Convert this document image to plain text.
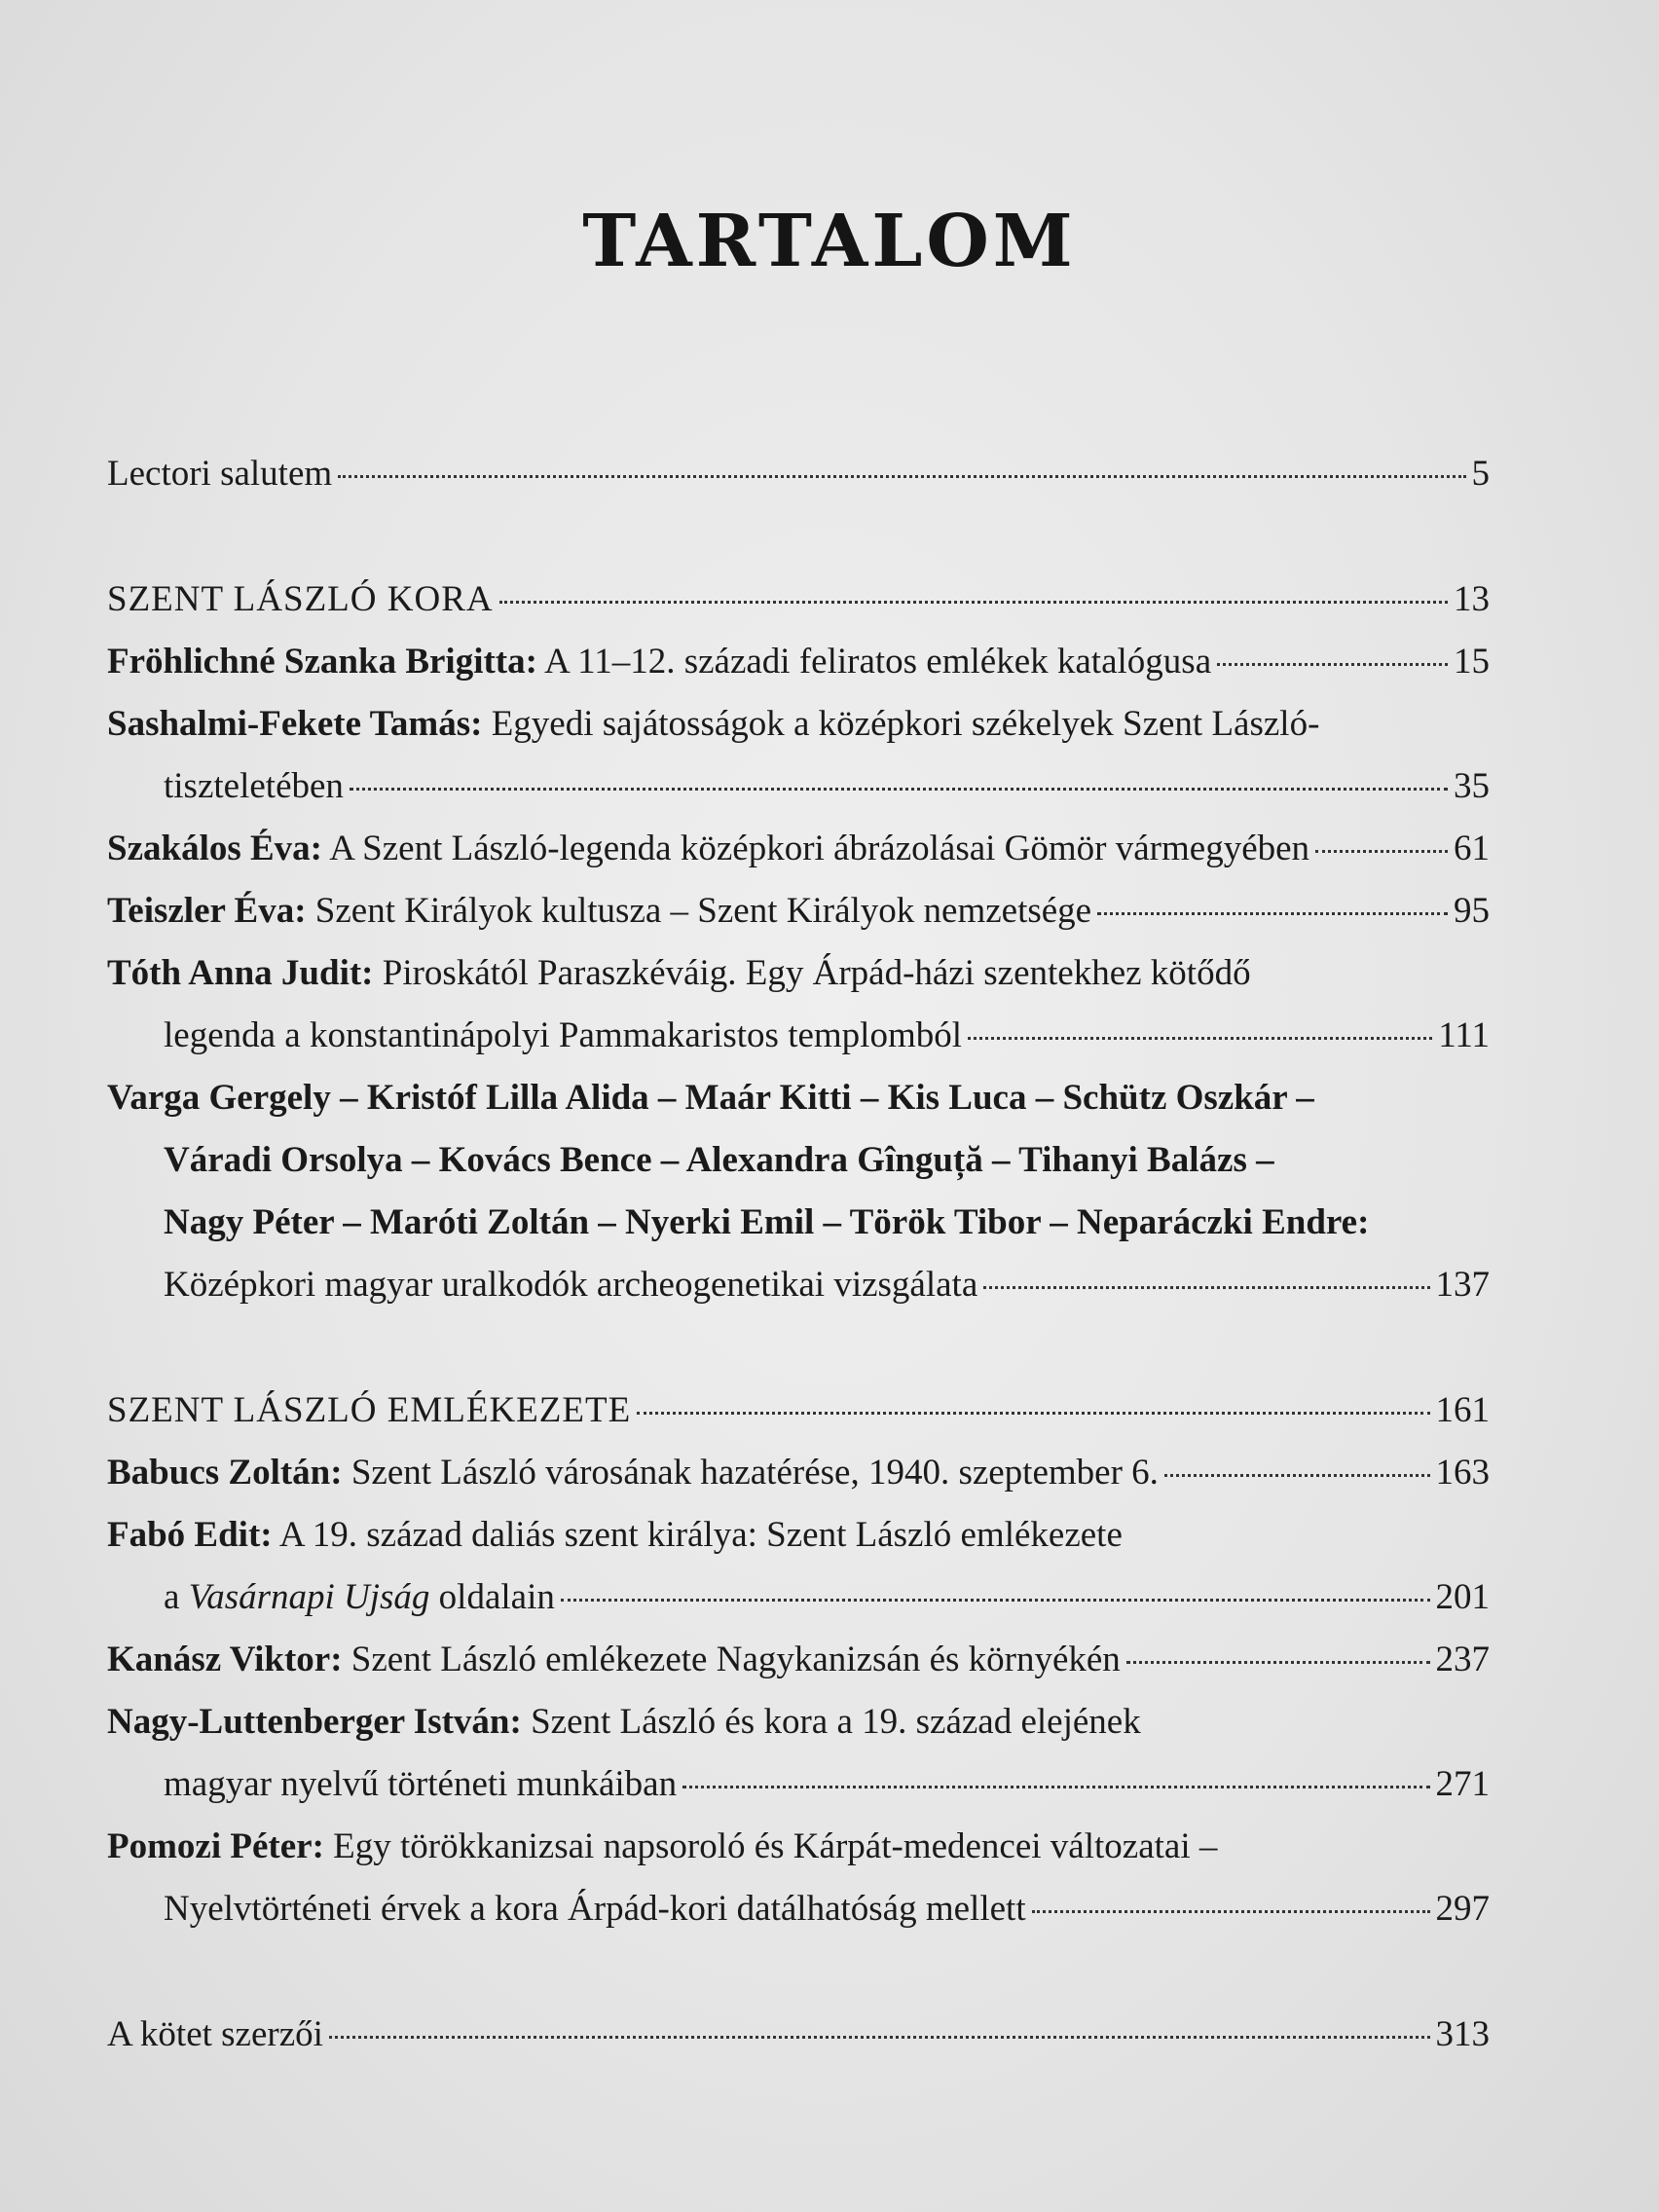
TARTALOM
Lectori salutem	5
SZENT LÁSZLÓ KORA	13
Fröhlichné Szanka Brigitta: A 11–12. századi feliratos emlékek katalógusa	15
Sashalmi-Fekete Tamás: Egyedi sajátosságok a középkori székelyek Szent László-
tiszteletében	35
Szakálos Éva: A Szent László-legenda középkori ábrázolásai Gömör vármegyében	61
Teiszler Éva: Szent Királyok kultusza – Szent Királyok nemzetsége	95
Tóth Anna Judit: Piroskától Paraszkéváig. Egy Árpád-házi szentekhez kötődő
legenda a konstantinápolyi Pammakaristos templomból	111
Varga Gergely – Kristóf Lilla Alida – Maár Kitti – Kis Luca – Schütz Oszkár –
Váradi Orsolya – Kovács Bence – Alexandra Gînguță – Tihanyi Balázs –
Nagy Péter – Maróti Zoltán – Nyerki Emil – Török Tibor – Neparáczki Endre:
Középkori magyar uralkodók archeogenetikai vizsgálata	137
SZENT LÁSZLÓ EMLÉKEZETE	161
Babucs Zoltán: Szent László városának hazatérése, 1940. szeptember 6.	163
Fabó Edit: A 19. század daliás szent királya: Szent László emlékezete
a Vasárnapi Ujság oldalain	201
Kanász Viktor: Szent László emlékezete Nagykanizsán és környékén	237
Nagy-Luttenberger István: Szent László és kora a 19. század elejének
magyar nyelvű történeti munkáiban	271
Pomozi Péter: Egy törökkanizsai napsoroló és Kárpát-medencei változatai –
Nyelvtörténeti érvek a kora Árpád-kori datálhatóság mellett	297
A kötet szerzői	313
